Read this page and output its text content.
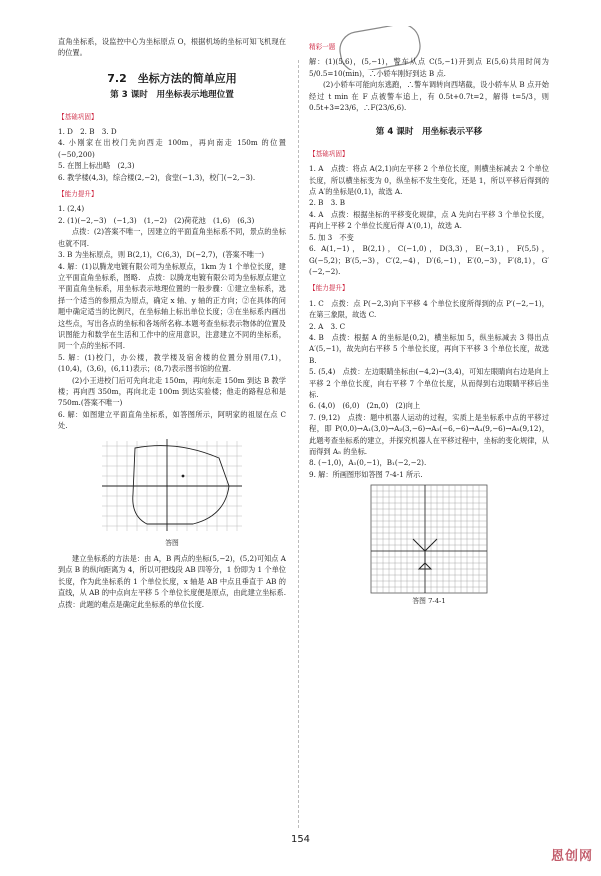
直角坐标系，设监控中心为坐标原点 O，根据机场的坐标可知飞机现在的位置。

7.2　坐标方法的简单应用
第 3 课时　用坐标表示地理位置
【基础巩固】

1. D　2. B　3. D

4. 小刚家在出校门先向西走 100m，再向南走 150m 的位置　(−50,200)

5. 在图上标出略　(2,3)

6. 教学楼(4,3)，综合楼(2,−2)，食堂(−1,3)，校门(−2,−3).

【能力提升】

1. (2,4)

2. (1)(−2,−3)　(−1,3)　(1,−2)　(2)荷花池　(1,6)　(6,3)

点拨：(2)答案不唯一，因建立的平面直角坐标系不同，景点的坐标也就不同.

3. B 为坐标原点，则 B(2,1)，C(6,3)，D(−2,7)，(答案不唯一)

4. 解：(1)以腾龙电镀有限公司为坐标原点，1km 为 1 个单位长度，建立平面直角坐标系，图略.　点拨：以腾龙电镀有限公司为坐标原点建立平面直角坐标系，用坐标表示地理位置的一般步骤：①建立坐标系，选择一个适当的参照点为原点，确定 x 轴、y 轴的正方向；②在具体的问题中确定适当的比例尺，在坐标轴上标出单位长度；③在坐标系内画出这些点，写出各点的坐标和各场所名称.本题考查坐标表示物体的位置及识图能力和数学在生活和工作中的应用意识，注意建立不同的坐标系，同一个点的坐标不同.

5. 解：(1)校门，办公楼，教学楼及宿舍楼的位置分别用(7,1)，(10,4)，(3,6)，(6,11)表示；(8,7)表示图书馆的位置.

(2)小王进校门后可先向北走 150m，再向东走 150m 到达 B 教学楼；再向西 350m，再向北走 100m 到达实验楼；他走的路程总和是 750m.(答案不唯一)

6. 解：如图建立平面直角坐标系，如答图所示，阿明家的祖屋在点 C 处.

答图

建立坐标系的方法是：由 A，B 两点的坐标(5,−2)，(5,2)可知点 A 到点 B 的纵向距离为 4，所以可把线段 AB 四等分，1 份即为 1 个单位长度，作为此坐标系的 1 个单位长度，x 轴是 AB 中点且垂直于 AB 的直线，从 AB 的中点向左平移 5 个单位长度便是原点，由此建立坐标系.　点拨：此题的难点是确定此坐标系的单位长度.

精彩一题

解：(1)(5,6)，(5,−1)，警车从点 C(5,−1)开到点 E(5,6)共用时间为 5/0.5=10(min)，∴小轿车刚好到达 B 点.

(2)小轿车可能向东逃跑，∴警车调转向西堵截，设小轿车从 B 点开始经过 t min 在 F 点被警车追上，有 0.5t+0.7t=2，解得 t=5/3，则 0.5t+3=23/6，∴F(23/6,6).

第 4 课时　用坐标表示平移
【基础巩固】

1. A　点拨：将点 A(2,1)向左平移 2 个单位长度，则横坐标减去 2 个单位长度，所以横坐标变为 0，纵坐标不发生变化，还是 1，所以平移后得到的点 A′的坐标是(0,1)，故选 A.

2. B　3. B

4. A　点拨：根据坐标的平移变化规律，点 A 先向右平移 3 个单位长度，再向上平移 2 个单位长度后得 A′(0,1)，故选 A.

5. 加 3　不变

6. A(1,−1)，B(2,1)，C(−1,0)，D(3,3)，E(−3,1)，F(5,5)，G(−5,2)；B′(5,−3)，C′(2,−4)，D′(6,−1)，E′(0,−3)，F′(8,1)，G′(−2,−2).

【能力提升】

1. C　点拨：点 P(−2,3)向下平移 4 个单位长度所得到的点 P′(−2,−1)，在第三象限，故选 C.

2. A　3. C

4. B　点拨：根据 A 的坐标是(0,2)，横坐标加 5，纵坐标减去 3 得出点 A′(5,−1)，故先向右平移 5 个单位长度，再向下平移 3 个单位长度，故选 B.

5. (5,4)　点拨：左边眼睛坐标由(−4,2)→(3,4)，可知左眼睛向右边是向上平移 2 个单位长度，向右平移 7 个单位长度，从而得到右边眼睛平移后坐标.

6. (4,0)　(6,0)　(2n,0)　(2)向上

7. (9,12)　点拨：题中机器人运动的过程，实质上是坐标系中点的平移过程，即 P(0,0)→A₁(3,0)→A₂(3,−6)→A₃(−6,−6)→A₄(9,−6)→A₅(9,12)，此题考查坐标系的建立，并探究机器人在平移过程中，坐标的变化规律，从而得到 A₅ 的坐标.

8. (−1,0)，A₁(0,−1)，B₁(−2,−2).

9. 解：所画图形如答图 7-4-1 所示.

答图 7-4-1
154
恩创网
